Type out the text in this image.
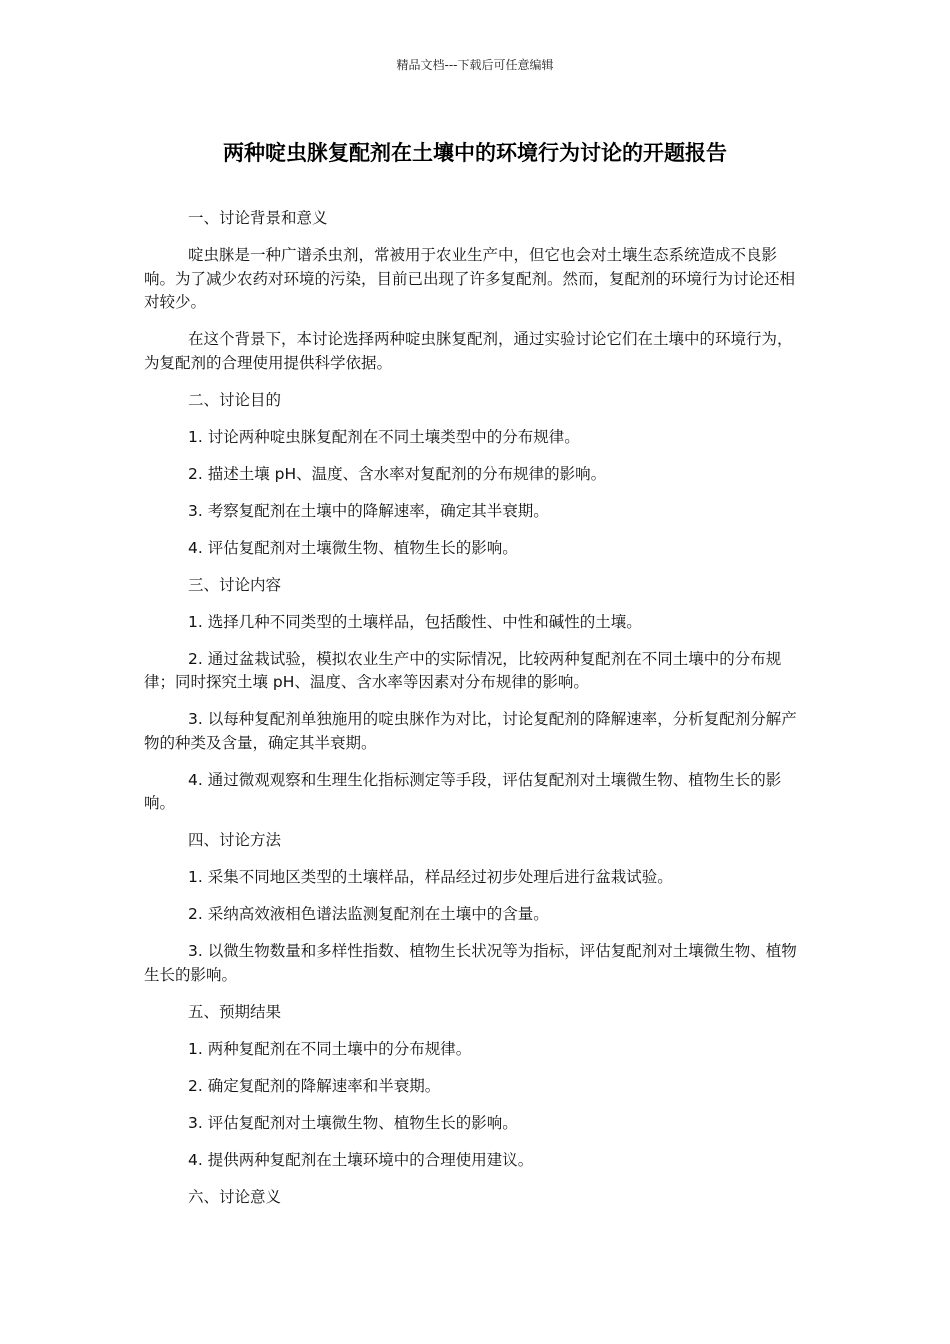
精品文档---下载后可任意编辑
两种啶虫脒复配剂在土壤中的环境行为讨论的开题报告

一、讨论背景和意义

啶虫脒是一种广谱杀虫剂，常被用于农业生产中，但它也会对土壤生态系统造成不良影响。为了减少农药对环境的污染，目前已出现了许多复配剂。然而，复配剂的环境行为讨论还相对较少。

在这个背景下，本讨论选择两种啶虫脒复配剂，通过实验讨论它们在土壤中的环境行为，为复配剂的合理使用提供科学依据。

二、讨论目的

1. 讨论两种啶虫脒复配剂在不同土壤类型中的分布规律。

2. 描述土壤 pH、温度、含水率对复配剂的分布规律的影响。

3. 考察复配剂在土壤中的降解速率，确定其半衰期。

4. 评估复配剂对土壤微生物、植物生长的影响。

三、讨论内容

1. 选择几种不同类型的土壤样品，包括酸性、中性和碱性的土壤。

2. 通过盆栽试验，模拟农业生产中的实际情况，比较两种复配剂在不同土壤中的分布规律；同时探究土壤 pH、温度、含水率等因素对分布规律的影响。

3. 以每种复配剂单独施用的啶虫脒作为对比，讨论复配剂的降解速率，分析复配剂分解产物的种类及含量，确定其半衰期。

4. 通过微观观察和生理生化指标测定等手段，评估复配剂对土壤微生物、植物生长的影响。

四、讨论方法

1. 采集不同地区类型的土壤样品，样品经过初步处理后进行盆栽试验。

2. 采纳高效液相色谱法监测复配剂在土壤中的含量。

3. 以微生物数量和多样性指数、植物生长状况等为指标，评估复配剂对土壤微生物、植物生长的影响。

五、预期结果

1. 两种复配剂在不同土壤中的分布规律。

2. 确定复配剂的降解速率和半衰期。

3. 评估复配剂对土壤微生物、植物生长的影响。

4. 提供两种复配剂在土壤环境中的合理使用建议。

六、讨论意义
